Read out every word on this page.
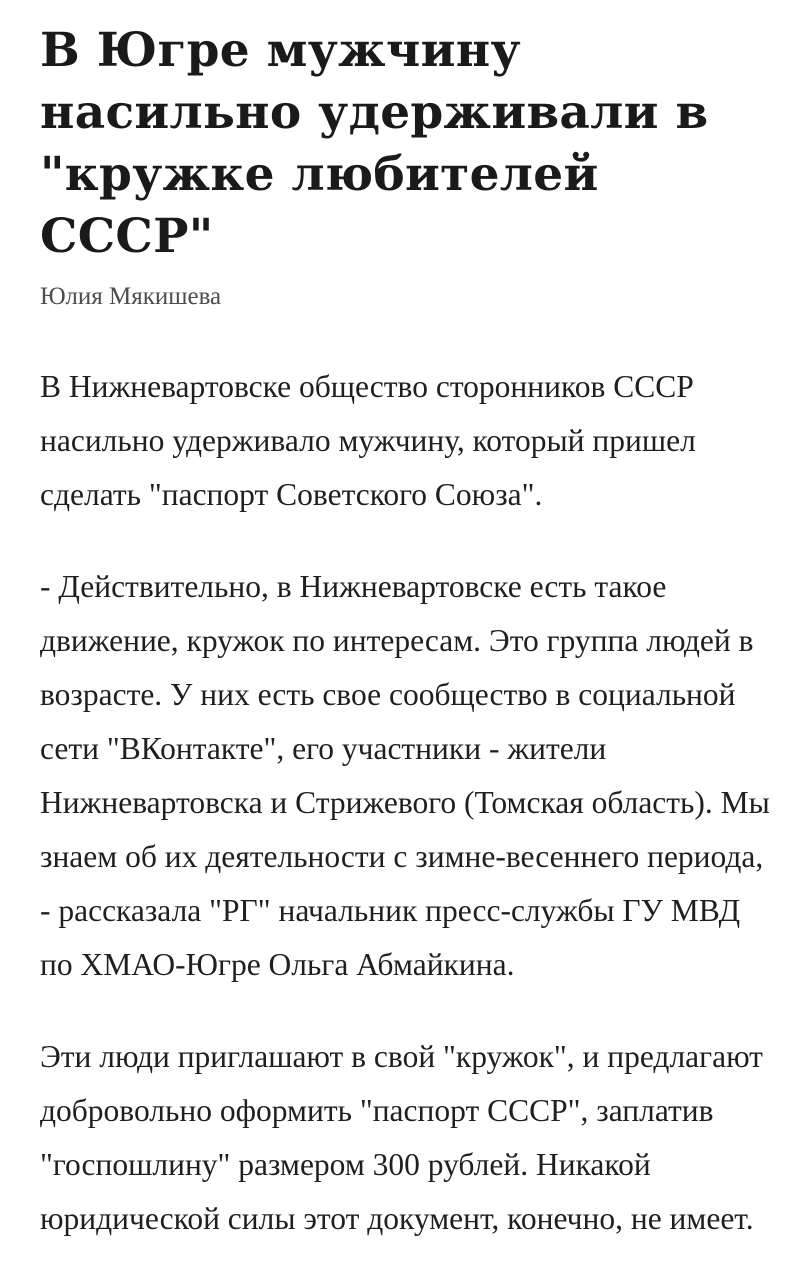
В Югре мужчину насильно удерживали в "кружке любителей СССР"
Юлия Мякишева

В Нижневартовске общество сторонников СССР насильно удерживало мужчину, который пришел сделать "паспорт Советского Союза".

- Действительно, в Нижневартовске есть такое движение, кружок по интересам. Это группа людей в возрасте. У них есть свое сообщество в социальной сети "ВКонтакте", его участники - жители Нижневартовска и Стрижевого (Томская область). Мы знаем об их деятельности с зимне-весеннего периода, - рассказала "РГ" начальник пресс-службы ГУ МВД по ХМАО-Югре Ольга Абмайкина.

Эти люди приглашают в свой "кружок", и предлагают добровольно оформить "паспорт СССР", заплатив "госпошлину" размером 300 рублей. Никакой юридической силы этот документ, конечно, не имеет.
